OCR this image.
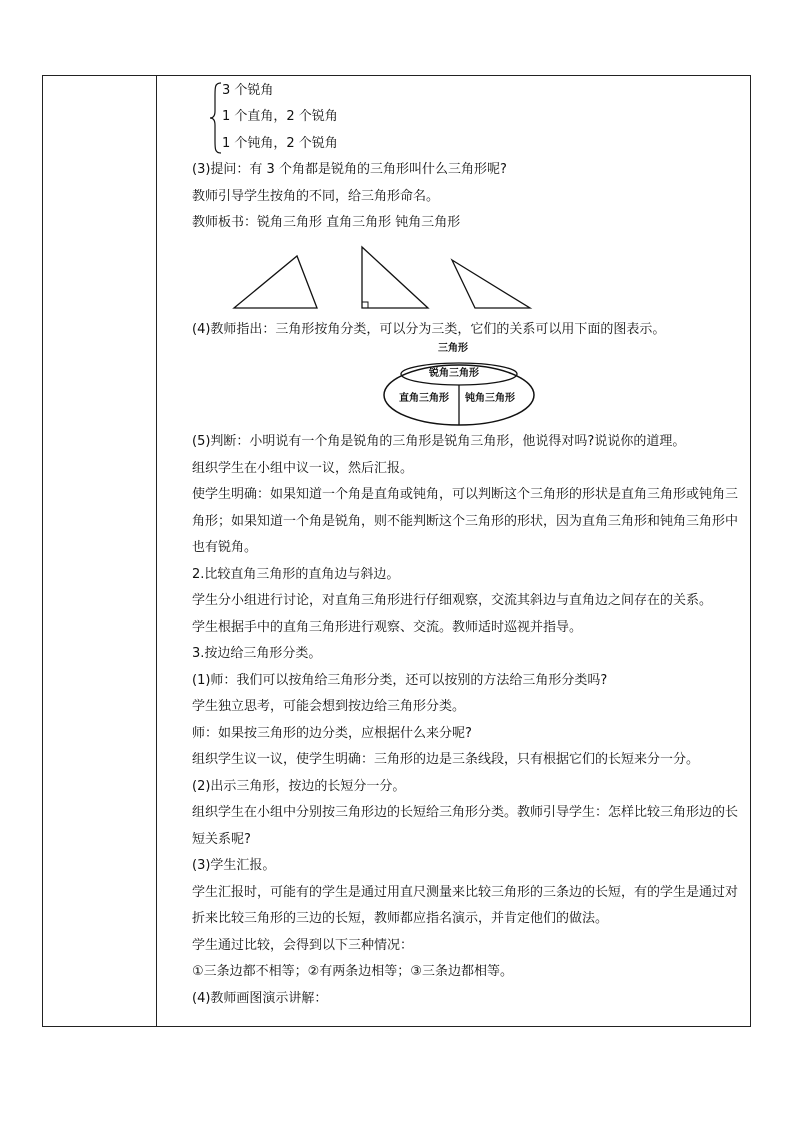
3 个锐角
1 个直角，2 个锐角
1 个钝角，2 个锐角
(3)提问：有 3 个角都是锐角的三角形叫什么三角形呢?
教师引导学生按角的不同，给三角形命名。
教师板书：锐角三角形 直角三角形 钝角三角形
(4)教师指出：三角形按角分类，可以分为三类，它们的关系可以用下面的图表示。
三角形
锐角三角形
直角三角形 钝角三角形
(5)判断：小明说有一个角是锐角的三角形是锐角三角形，他说得对吗?说说你的道理。
组织学生在小组中议一议，然后汇报。
使学生明确：如果知道一个角是直角或钝角，可以判断这个三角形的形状是直角三角形或钝角三角形；如果知道一个角是锐角，则不能判断这个三角形的形状，因为直角三角形和钝角三角形中也有锐角。
2.比较直角三角形的直角边与斜边。
学生分小组进行讨论，对直角三角形进行仔细观察，交流其斜边与直角边之间存在的关系。
学生根据手中的直角三角形进行观察、交流。教师适时巡视并指导。
3.按边给三角形分类。
(1)师：我们可以按角给三角形分类，还可以按别的方法给三角形分类吗?
学生独立思考，可能会想到按边给三角形分类。
师：如果按三角形的边分类，应根据什么来分呢?
组织学生议一议，使学生明确：三角形的边是三条线段，只有根据它们的长短来分一分。
(2)出示三角形，按边的长短分一分。
组织学生在小组中分别按三角形边的长短给三角形分类。教师引导学生：怎样比较三角形边的长短关系呢?
(3)学生汇报。
学生汇报时，可能有的学生是通过用直尺测量来比较三角形的三条边的长短，有的学生是通过对折来比较三角形的三边的长短，教师都应指名演示，并肯定他们的做法。
学生通过比较，会得到以下三种情况：
①三条边都不相等；②有两条边相等；③三条边都相等。
(4)教师画图演示讲解：
